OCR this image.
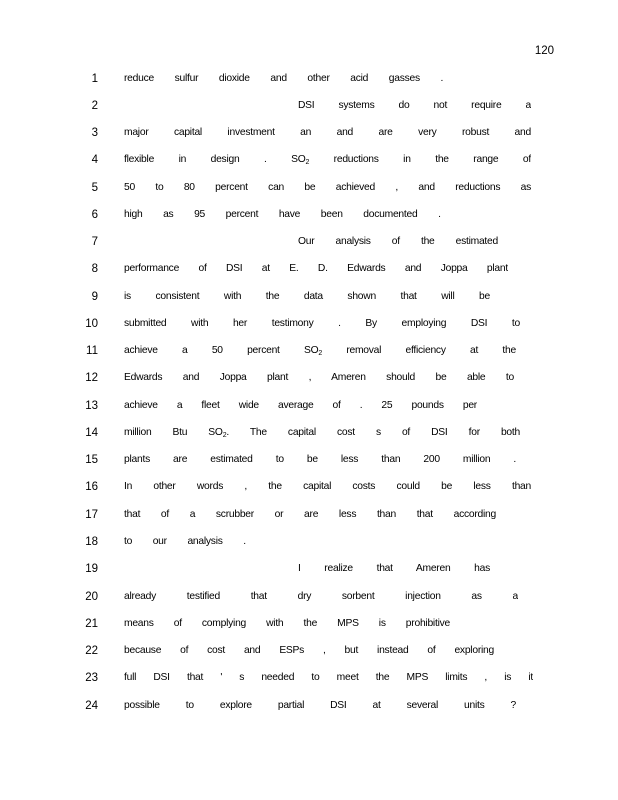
120
1	reduce sulfur dioxide and other acid gasses .
2	DSI systems do not require a
3	major capital investment an and are very robust and
4	flexible in design . $SO_2$ reductions in the range of
5	50 to 80 percent can be achieved , and reductions as
6	high as 95 percent have been documented .
7	Our analysis of the estimated
8	performance of DSI at E. D. Edwards and Joppa plant
9	is consistent with the data shown that will be
10	submitted with her testimony . By employing DSI to
11	achieve a 50 percent $SO_2$ removal efficiency at the
12	Edwards and Joppa plant , Ameren should be able to
13	achieve a fleet wide average of . 25 pounds per
14	million Btu $SO_2$. The capital cost s of DSI for both
15	plants are estimated to be less than 200 million .
16	In other words , the capital costs could be less than
17	that of a scrubber or are less than that according
18	to our analysis .
19	I realize that Ameren has
20	already testified that dry sorbent injection as a
21	means of complying with the MPS is prohibitive
22	because of cost and ESPs , but instead of exploring
23	full DSI that ' s needed to meet the MPS limits , is it
24	possible to explore partial DSI at several units ?
